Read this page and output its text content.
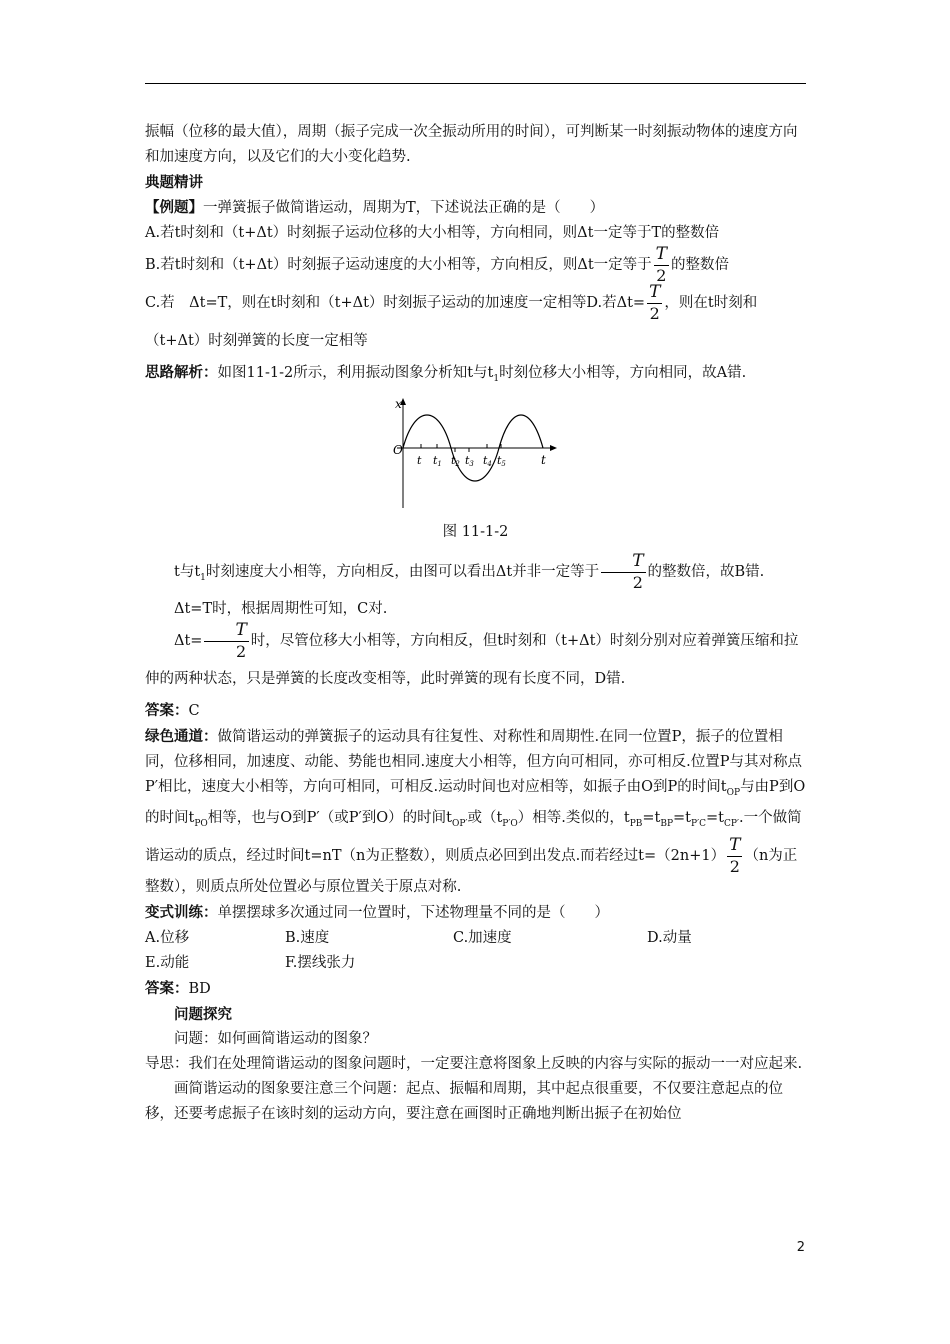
振幅（位移的最大值），周期（振子完成一次全振动所用的时间），可判断某一时刻振动物体的速度方向和加速度方向，以及它们的大小变化趋势.

典题精讲

【例题】一弹簧振子做简谐运动，周期为T，下述说法正确的是（　　）

A.若t时刻和（t+Δt）时刻振子运动位移的大小相等，方向相同，则Δt一定等于T的整数倍

B.若t时刻和（t+Δt）时刻振子运动速度的大小相等，方向相反，则Δt一定等于 $\frac{T}{2}$ 的整数倍

C.若　Δt=T，则在t时刻和（t+Δt）时刻振子运动的加速度一定相等D.若$\Delta t= \frac{T}{2}$ ，则在t时刻和（t+Δt）时刻弹簧的长度一定相等

思路解析：如图11-1-2所示，利用振动图象分析知t与$t_1$时刻位移大小相等，方向相同，故A错.

x
O
t
t t1 t2 t3 t4 t5

图 11-1-2

t与$t_1$时刻速度大小相等，方向相反，由图可以看出Δt并非一定等于 $\frac{T}{2}$ 的整数倍，故B错.

Δt=T时，根据周期性可知，C对.

$\Delta t= \frac{T}{2}$ 时，尽管位移大小相等，方向相反，但t时刻和（t+Δt）时刻分别对应着弹簧压缩和拉伸的两种状态，只是弹簧的长度改变相等，此时弹簧的现有长度不同，D错.

答案：C

绿色通道：做简谐运动的弹簧振子的运动具有往复性、对称性和周期性.在同一位置P，振子的位置相同，位移相同，加速度、动能、势能也相同.速度大小相等，但方向可相同，亦可相反.位置P与其对称点P′相比，速度大小相等，方向可相同，可相反.运动时间也对应相等，如振子由O到P的时间$t_{OP}$与由P到O的时间$t_{PO}$相等，也与O到P′（或P′到O）的时间$t_{OP'}$或$(t_{P'O})$相等.类似的，$t_{PB}=t_{BP}=t_{P'C}=t_{CP'}$.一个做简谐运动的质点，经过时间t=nT（n为正整数），则质点必回到出发点.而若经过$t=(2n+1) \frac{T}{2} (n$为正整数），则质点所处位置必与原位置关于原点对称.

变式训练：单摆摆球多次通过同一位置时，下述物理量不同的是（　　）

A.位移	B.速度	C.加速度	D.动量

E.动能	F.摆线张力

答案：BD

问题探究

问题：如何画简谐运动的图象？

导思：我们在处理简谐运动的图象问题时，一定要注意将图象上反映的内容与实际的振动一一对应起来.

画简谐运动的图象要注意三个问题：起点、振幅和周期，其中起点很重要，不仅要注意起点的位移，还要考虑振子在该时刻的运动方向，要注意在画图时正确地判断出振子在初始位

2
